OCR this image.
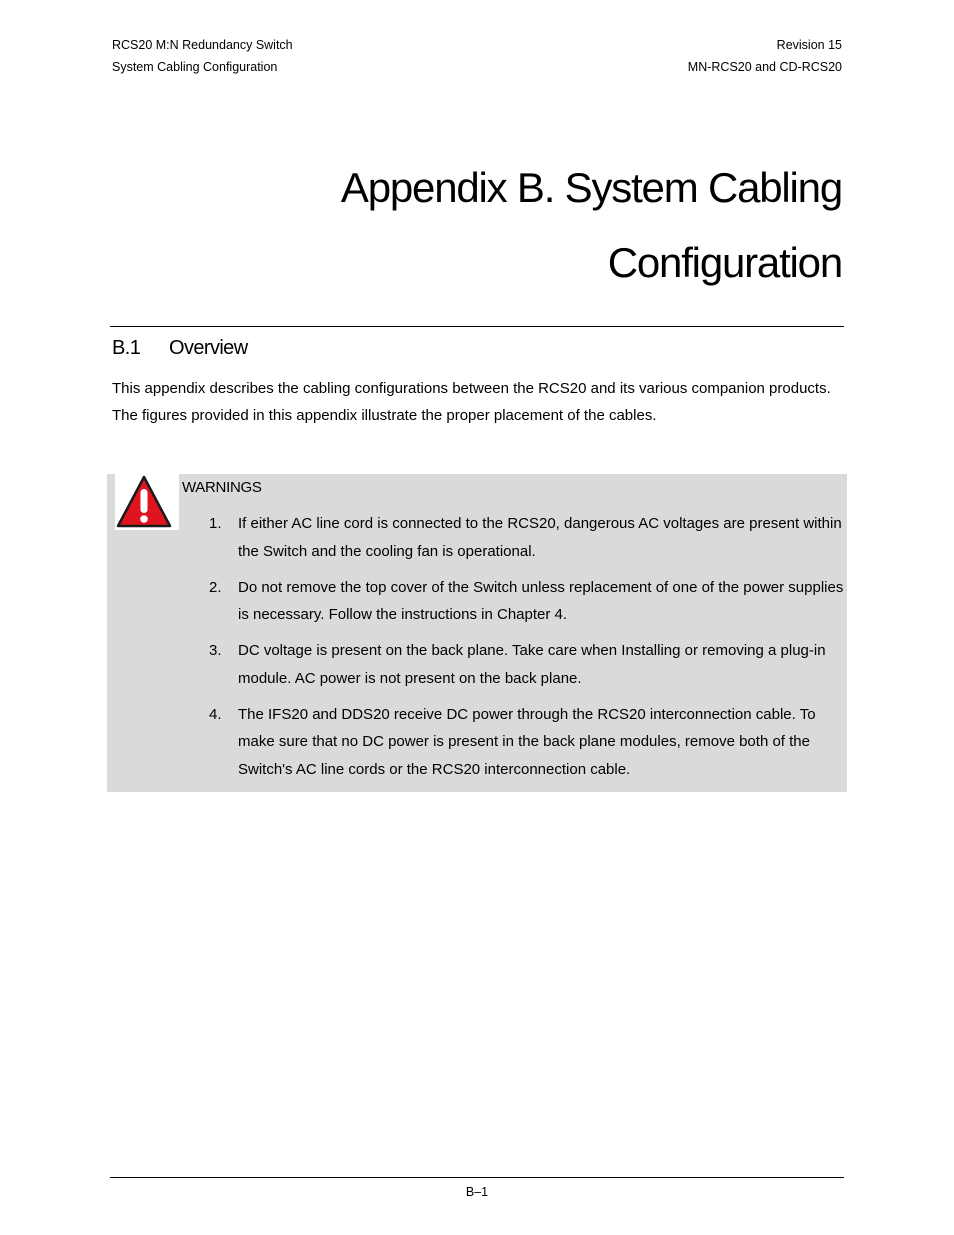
RCS20 M:N Redundancy Switch
System Cabling Configuration
Revision 15
MN-RCS20 and CD-RCS20
Appendix B. System Cabling
Configuration
B.1 Overview
This appendix describes the cabling configurations between the RCS20 and its various companion products. The figures provided in this appendix illustrate the proper placement of the cables.
WARNINGS
1. If either AC line cord is connected to the RCS20, dangerous AC voltages are present within the Switch and the cooling fan is operational.
2. Do not remove the top cover of the Switch unless replacement of one of the power supplies is necessary. Follow the instructions in Chapter 4.
3. DC voltage is present on the back plane. Take care when Installing or removing a plug-in module. AC power is not present on the back plane.
4. The IFS20 and DDS20 receive DC power through the RCS20 interconnection cable. To make sure that no DC power is present in the back plane modules, remove both of the Switch's AC line cords or the RCS20 interconnection cable.
B–1
